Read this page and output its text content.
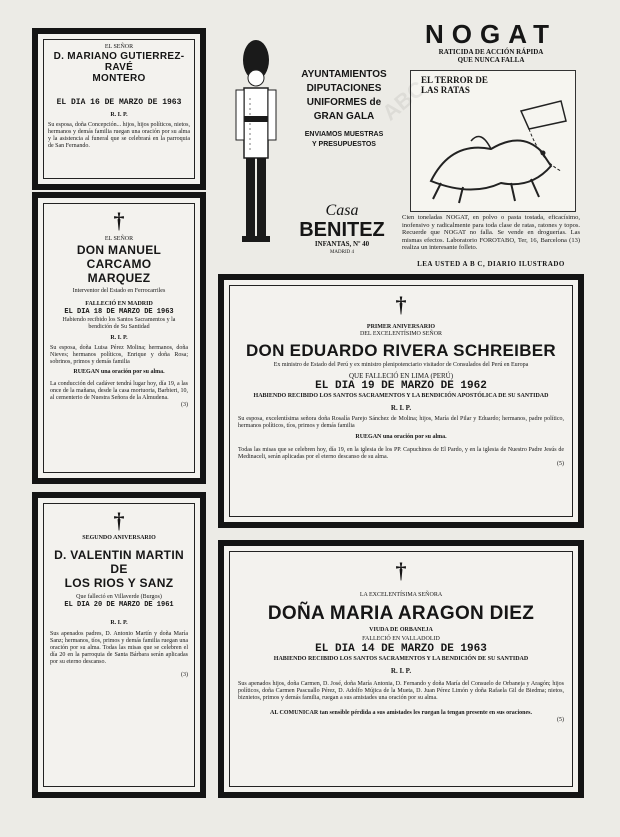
EL SEÑOR

D. MARIANO GUTIERREZ-RAVÉ

MONTERO

EL DIA 16 DE MARZO DE 1963

R. I. P.

Su esposa, doña Concepción... hijos, hijos políticos, nietos, hermanos y demás familia ruegan una oración por su alma y la asistencia al funeral que se celebrará en la parroquia de San Fernando.

†

EL SEÑOR

DON MANUEL CARCAMO

MARQUEZ

Interventor del Estado en Ferrocarriles

FALLECIÓ EN MADRID

EL DIA 18 DE MARZO DE 1963

Habiendo recibido los Santos Sacramentos y la bendición de Su Santidad

R. I. P.

Su esposa, doña Luisa Pérez Molina; hermanos, doña Nieves; hermanos políticos, Enrique y doña Rosa; sobrinos, primos y demás familia

RUEGAN una oración por su alma.

La conducción del cadáver tendrá lugar hoy, día 19, a las once de la mañana, desde la casa mortuoria, Barbieri, 10, al cementerio de Nuestra Señora de la Almudena.

(3)

†

SEGUNDO ANIVERSARIO

D. VALENTIN MARTIN DE

LOS RIOS Y SANZ

Que falleció en Villaverde (Burgos)

EL DIA 20 DE MARZO DE 1961

R. I. P.

Sus apenados padres, D. Antonio Martín y doña María Sanz; hermanos, tíos, primos y demás familia ruegan una oración por su alma. Todas las misas que se celebren el día 20 en la parroquia de Santa Bárbara serán aplicadas por su eterno descanso.

(3)

AYUNTAMIENTOS

DIPUTACIONES

UNIFORMES de

GRAN GALA

ENVIAMOS MUESTRAS

Y PRESUPUESTOS

Casa

BENITEZ

INFANTAS, Nº 40

MADRID 4

NOGAT

RATICIDA DE ACCIÓN RÁPIDA

QUE NUNCA FALLA

EL TERROR DE LAS RATAS

Cien toneladas NOGAT, en polvo o pasta tostada, eficacísimo, inofensivo y radicalmente para toda clase de ratas, ratones y topos. Recuerde que NOGAT no falla. Se vende en droguerías. Las mismas efectos. Laboratorio FOROTABO, Ter, 16, Barcelona (13) realiza un interesante folleto.

LEA USTED A B C, DIARIO ILUSTRADO

†

PRIMER ANIVERSARIO

DEL EXCELENTÍSIMO SEÑOR

DON EDUARDO RIVERA SCHREIBER

Ex ministro de Estado del Perú y ex ministro plenipotenciario visitador de Consulados del Perú en Europa

QUE FALLECIÓ EN LIMA (PERÚ)

EL DIA 19 DE MARZO DE 1962

HABIENDO RECIBIDO LOS SANTOS SACRAMENTOS Y LA BENDICIÓN APOSTÓLICA DE SU SANTIDAD

R. I. P.

Su esposa, excelentísima señora doña Rosalía Parejo Sánchez de Molina; hijos, María del Pilar y Eduardo; hermanos, padre político, hermanos políticos, tíos, primos y demás familia

RUEGAN una oración por su alma.

Todas las misas que se celebren hoy, día 19, en la iglesia de los PP. Capuchinos de El Pardo, y en la iglesia de Nuestro Padre Jesús de Medinaceli, serán aplicadas por el eterno descanso de su alma.

(5)

†

LA EXCELENTÍSIMA SEÑORA

DOÑA MARIA ARAGON DIEZ

VIUDA DE ORBANEJA

FALLECIÓ EN VALLADOLID

EL DIA 14 DE MARZO DE 1963

HABIENDO RECIBIDO LOS SANTOS SACRAMENTOS Y LA BENDICIÓN DE SU SANTIDAD

R. I. P.

Sus apenados hijos, doña Carmen, D. José, doña María Antonia, D. Fernando y doña María del Consuelo de Orbaneja y Aragón; hijos políticos, doña Carmen Pascuallo Pérez, D. Adolfo Mújica de la Mueta, D. Juan Pérez Limón y doña Rafaela Gil de Biedma; nietos, biznietos, primos y demás familia, ruegan a sus amistades una oración por su alma.

AL COMUNICAR tan sensible pérdida a sus amistades les ruegan la tengan presente en sus oraciones.

(5)

ABC
